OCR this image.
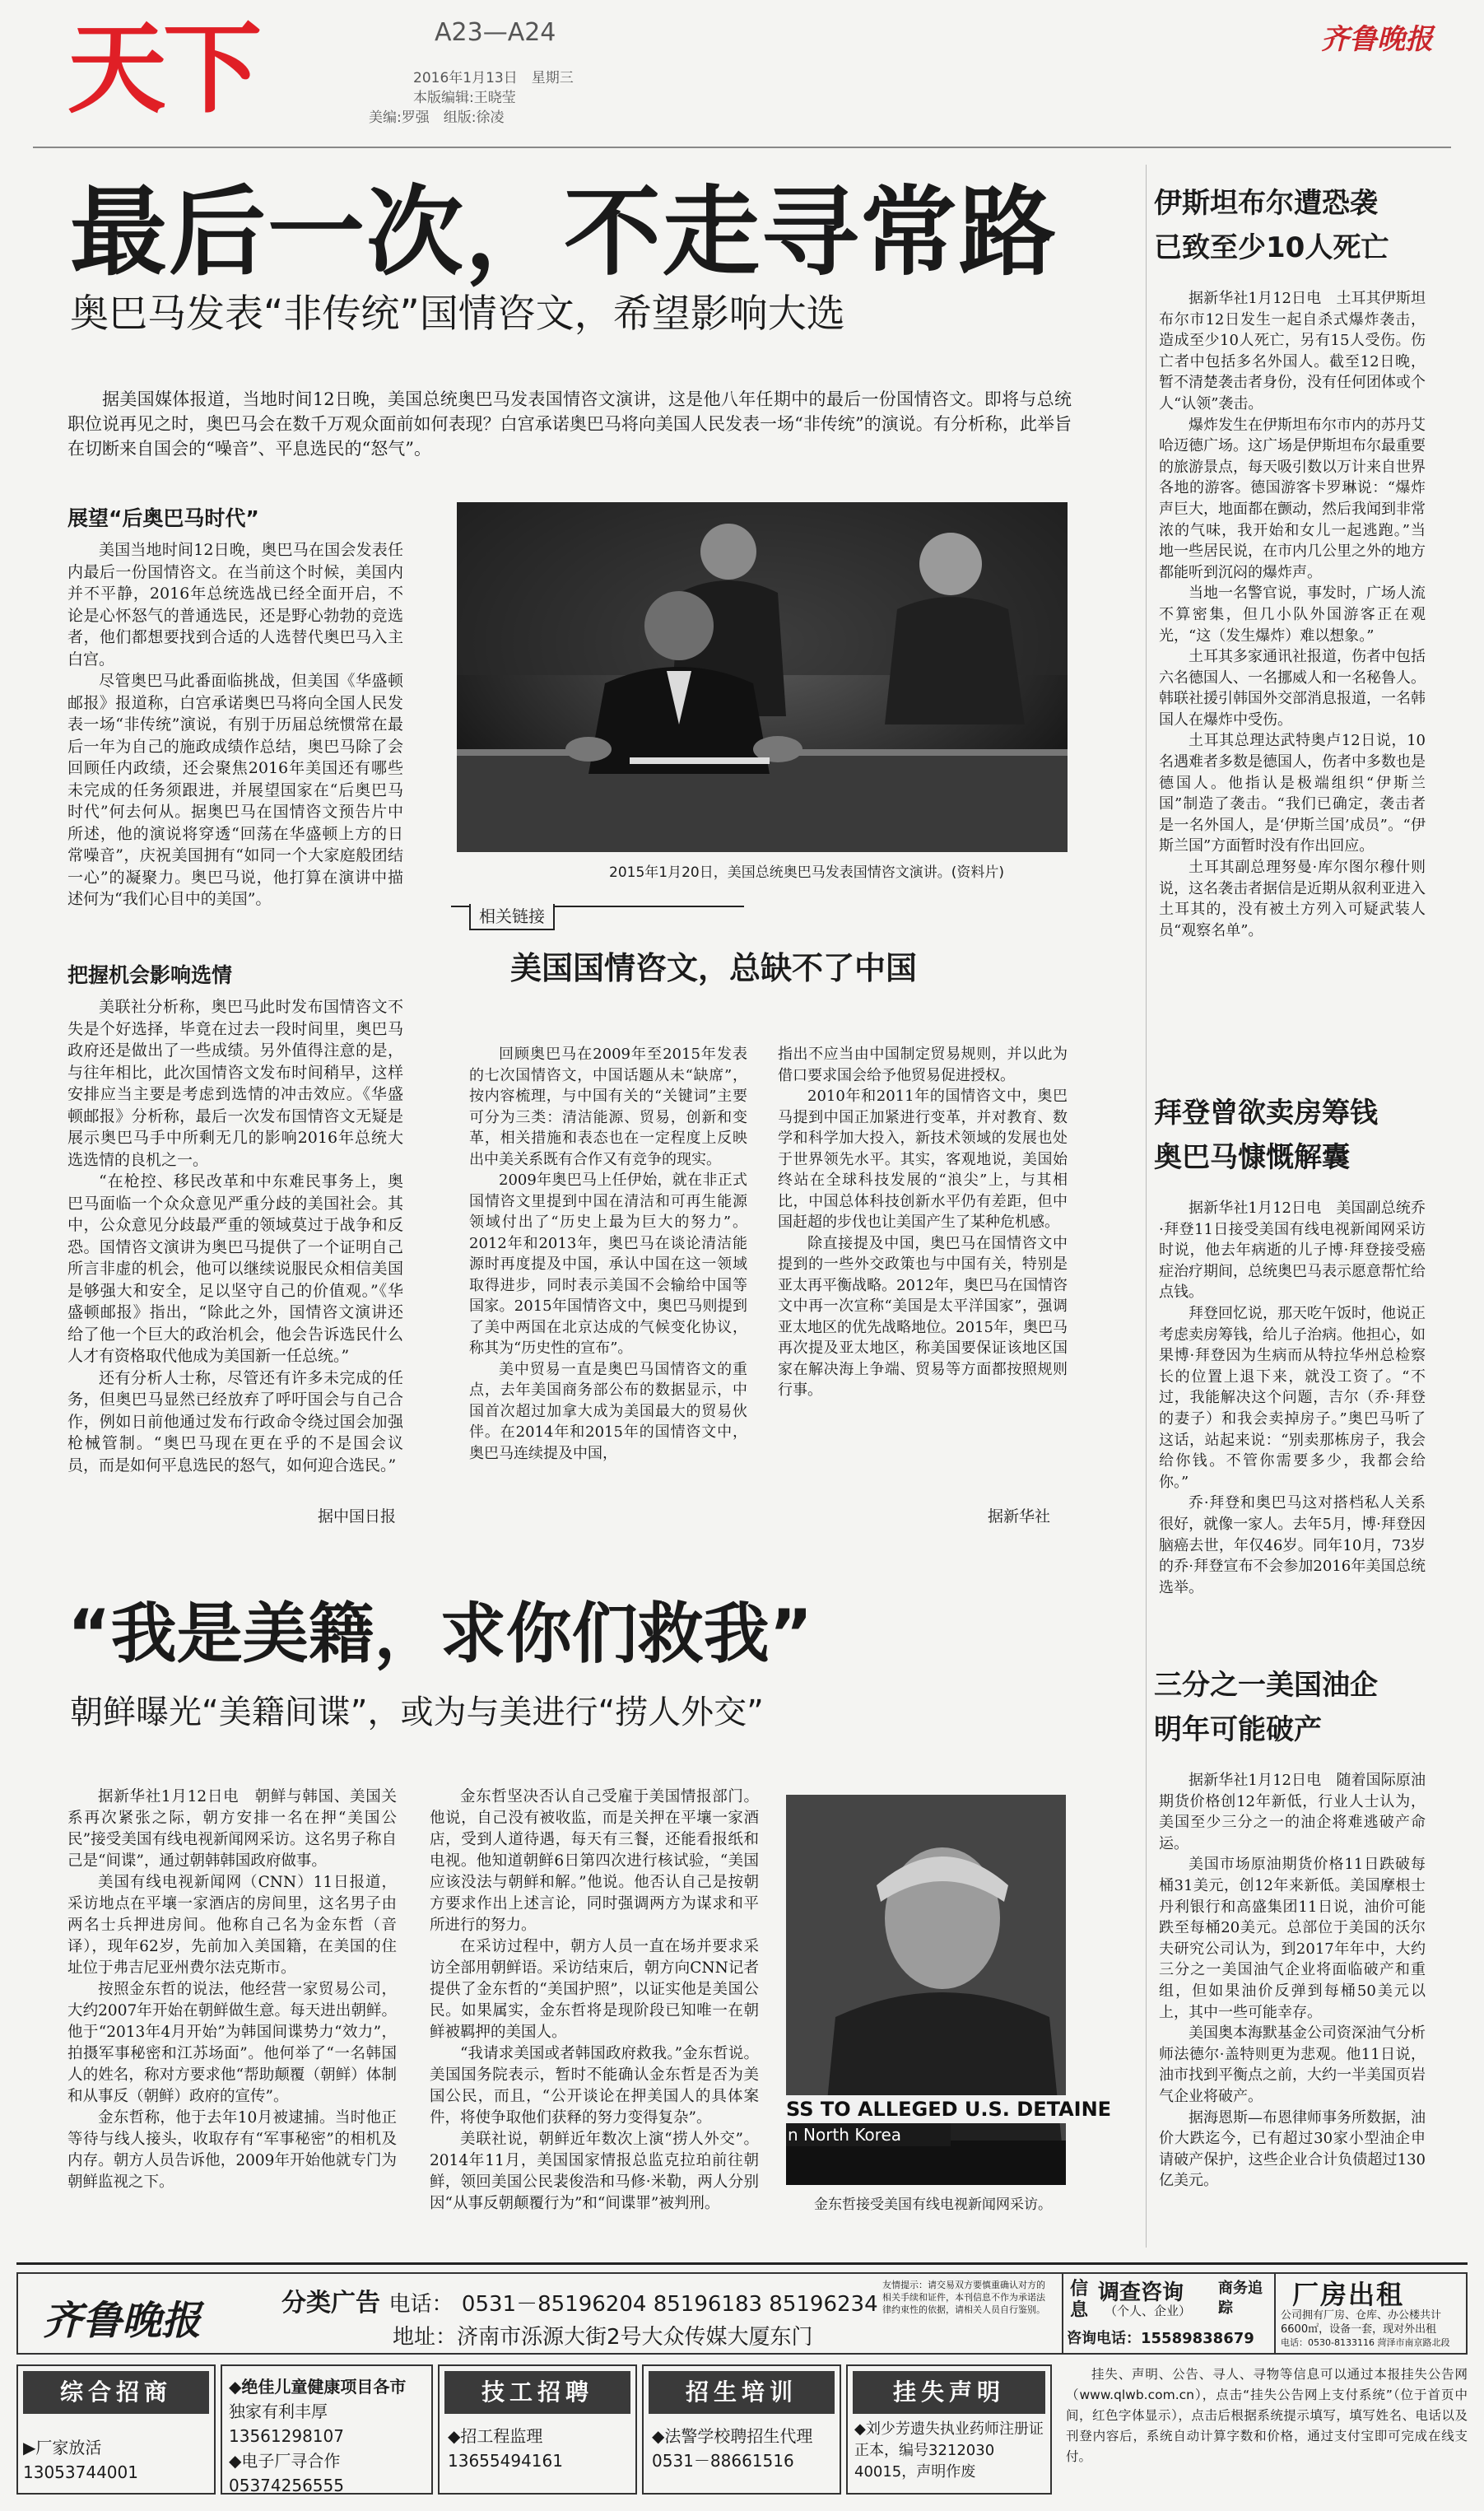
天下	A23—A24
2016年1月13日　星期三
本版编辑:王晓莹
美编:罗强　组版:徐凌
齐鲁晚报
最后一次，不走寻常路
奥巴马发表“非传统”国情咨文，希望影响大选
据美国媒体报道，当地时间12日晚，美国总统奥巴马发表国情咨文演讲，这是他八年任期中的最后一份国情咨文。即将与总统职位说再见之时，奥巴马会在数千万观众面前如何表现？白宫承诺奥巴马将向美国人民发表一场“非传统”的演说。有分析称，此举旨在切断来自国会的“噪音”、平息选民的“怒气”。
展望“后奥巴马时代”

美国当地时间12日晚，奥巴马在国会发表任内最后一份国情咨文。在当前这个时候，美国内并不平静，2016年总统选战已经全面开启，不论是心怀怒气的普通选民，还是野心勃勃的竞选者，他们都想要找到合适的人选替代奥巴马入主白宫。

尽管奥巴马此番面临挑战，但美国《华盛顿邮报》报道称，白宫承诺奥巴马将向全国人民发表一场“非传统”演说，有别于历届总统惯常在最后一年为自己的施政成绩作总结，奥巴马除了会回顾任内政绩，还会聚焦2016年美国还有哪些未完成的任务须跟进，并展望国家在“后奥巴马时代”何去何从。据奥巴马在国情咨文预告片中所述，他的演说将穿透“回荡在华盛顿上方的日常噪音”，庆祝美国拥有“如同一个大家庭般团结一心”的凝聚力。奥巴马说，他打算在演讲中描述何为“我们心目中的美国”。

把握机会影响选情

美联社分析称，奥巴马此时发布国情咨文不失是个好选择，毕竟在过去一段时间里，奥巴马政府还是做出了一些成绩。另外值得注意的是，与往年相比，此次国情咨文发布时间稍早，这样安排应当主要是考虑到选情的冲击效应。《华盛顿邮报》分析称，最后一次发布国情咨文无疑是展示奥巴马手中所剩无几的影响2016年总统大选选情的良机之一。

“在枪控、移民改革和中东难民事务上，奥巴马面临一个众众意见严重分歧的美国社会。其中，公众意见分歧最严重的领域莫过于战争和反恐。国情咨文演讲为奥巴马提供了一个证明自己所言非虚的机会，他可以继续说服民众相信美国是够强大和安全，足以坚守自己的价值观。”《华盛顿邮报》指出，“除此之外，国情咨文演讲还给了他一个巨大的政治机会，他会告诉选民什么人才有资格取代他成为美国新一任总统。”

还有分析人士称，尽管还有许多未完成的任务，但奥巴马显然已经放弃了呼吁国会与自己合作，例如日前他通过发布行政命令绕过国会加强枪械管制。“奥巴马现在更在乎的不是国会议员，而是如何平息选民的怒气，如何迎合选民。”

据中国日报
2015年1月20日，美国总统奥巴马发表国情咨文演讲。(资料片)
相关链接
美国国情咨文，总缺不了中国

回顾奥巴马在2009年至2015年发表的七次国情咨文，中国话题从未“缺席”，按内容梳理，与中国有关的“关键词”主要可分为三类：清洁能源、贸易，创新和变革，相关措施和表态也在一定程度上反映出中美关系既有合作又有竞争的现实。

2009年奥巴马上任伊始，就在非正式国情咨文里提到中国在清洁和可再生能源领域付出了“历史上最为巨大的努力”。2012年和2013年，奥巴马在谈论清洁能源时再度提及中国，承认中国在这一领域取得进步，同时表示美国不会输给中国等国家。2015年国情咨文中，奥巴马则提到了美中两国在北京达成的气候变化协议，称其为“历史性的宣布”。

美中贸易一直是奥巴马国情咨文的重点，去年美国商务部公布的数据显示，中国首次超过加拿大成为美国最大的贸易伙伴。在2014年和2015年的国情咨文中，奥巴马连续提及中国，

指出不应当由中国制定贸易规则，并以此为借口要求国会给予他贸易促进授权。

2010年和2011年的国情咨文中，奥巴马提到中国正加紧进行变革，并对教育、数学和科学加大投入，新技术领域的发展也处于世界领先水平。其实，客观地说，美国始终站在全球科技发展的“浪尖”上，与其相比，中国总体科技创新水平仍有差距，但中国赶超的步伐也让美国产生了某种危机感。

除直接提及中国，奥巴马在国情咨文中提到的一些外交政策也与中国有关，特别是亚太再平衡战略。2012年，奥巴马在国情咨文中再一次宣称“美国是太平洋国家”，强调亚太地区的优先战略地位。2015年，奥巴马再次提及亚太地区，称美国要保证该地区国家在解决海上争端、贸易等方面都按照规则行事。

据新华社
“我是美籍，求你们救我”
朝鲜曝光“美籍间谍”，或为与美进行“捞人外交”

据新华社1月12日电　朝鲜与韩国、美国关系再次紧张之际，朝方安排一名在押“美国公民”接受美国有线电视新闻网采访。这名男子称自己是“间谍”，通过朝韩韩国政府做事。

美国有线电视新闻网（CNN）11日报道，采访地点在平壤一家酒店的房间里，这名男子由两名士兵押进房间。他称自己名为金东哲（音译），现年62岁，先前加入美国籍，在美国的住址位于弗吉尼亚州费尔法克斯市。

按照金东哲的说法，他经营一家贸易公司，大约2007年开始在朝鲜做生意。每天进出朝鲜。他于“2013年4月开始”为韩国间谍势力“效力”，拍摄军事秘密和江苏场面”。他何举了“一名韩国人的姓名，称对方要求他“帮助颠覆（朝鲜）体制和从事反（朝鲜）政府的宣传”。

金东哲称，他于去年10月被逮捕。当时他正等待与线人接头，收取存有“军事秘密”的相机及内存。朝方人员告诉他，2009年开始他就专门为朝鲜监视之下。

金东哲坚决否认自己受雇于美国情报部门。他说，自己没有被收监，而是关押在平壤一家酒店，受到人道待遇，每天有三餐，还能看报纸和电视。他知道朝鲜6日第四次进行核试验，“美国应该没法与朝鲜和解。”他说。他否认自己是按朝方要求作出上述言论，同时强调两方为谋求和平所进行的努力。

在采访过程中，朝方人员一直在场并要求采访全部用朝鲜语。采访结束后，朝方向CNN记者提供了金东哲的“美国护照”，以证实他是美国公民。如果属实，金东哲将是现阶段已知唯一在朝鲜被羁押的美国人。

“我请求美国或者韩国政府救我。”金东哲说。美国国务院表示，暂时不能确认金东哲是否为美国公民，而且，“公开谈论在押美国人的具体案件，将使争取他们获释的努力变得复杂”。

美联社说，朝鲜近年数次上演“捞人外交”。2014年11月，美国国家情报总监克拉珀前往朝鲜，领回美国公民裴俊浩和马修·米勒，两人分别因“从事反朝颠覆行为”和“间谍罪”被判刑。

SS TO ALLEGED U.S. DETAINE
n North Korea
金东哲接受美国有线电视新闻网采访。
伊斯坦布尔遭恐袭
已致至少10人死亡

据新华社1月12日电　土耳其伊斯坦布尔市12日发生一起自杀式爆炸袭击，造成至少10人死亡，另有15人受伤。伤亡者中包括多名外国人。截至12日晚，暂不清楚袭击者身份，没有任何团体或个人“认领”袭击。

爆炸发生在伊斯坦布尔市内的苏丹艾哈迈德广场。这广场是伊斯坦布尔最重要的旅游景点，每天吸引数以万计来自世界各地的游客。德国游客卡罗琳说：“爆炸声巨大，地面都在颤动，然后我闻到非常浓的气味，我开始和女儿一起逃跑。”当地一些居民说，在市内几公里之外的地方都能听到沉闷的爆炸声。

当地一名警官说，事发时，广场人流不算密集，但几小队外国游客正在观光，“这（发生爆炸）难以想象。”

土耳其多家通讯社报道，伤者中包括六名德国人、一名挪威人和一名秘鲁人。韩联社援引韩国外交部消息报道，一名韩国人在爆炸中受伤。

土耳其总理达武特奥卢12日说，10名遇难者多数是德国人，伤者中多数也是德国人。他指认是极端组织“伊斯兰国”制造了袭击。“我们已确定，袭击者是一名外国人，是‘伊斯兰国’成员”。“伊斯兰国”方面暂时没有作出回应。

土耳其副总理努曼·库尔图尔穆什则说，这名袭击者据信是近期从叙利亚进入土耳其的，没有被土方列入可疑武装人员“观察名单”。

拜登曾欲卖房筹钱
奥巴马慷慨解囊

据新华社1月12日电　美国副总统乔·拜登11日接受美国有线电视新闻网采访时说，他去年病逝的儿子博·拜登接受癌症治疗期间，总统奥巴马表示愿意帮忙给点钱。

拜登回忆说，那天吃午饭时，他说正考虑卖房筹钱，给儿子治病。他担心，如果博·拜登因为生病而从特拉华州总检察长的位置上退下来，就没工资了。“不过，我能解决这个问题，吉尔（乔·拜登的妻子）和我会卖掉房子。”奥巴马听了这话，站起来说：“别卖那栋房子，我会给你钱。不管你需要多少，我都会给你。”

乔·拜登和奥巴马这对搭档私人关系很好，就像一家人。去年5月，博·拜登因脑癌去世，年仅46岁。同年10月，73岁的乔·拜登宣布不会参加2016年美国总统选举。

三分之一美国油企
明年可能破产

据新华社1月12日电　随着国际原油期货价格创12年新低，行业人士认为，美国至少三分之一的油企将难逃破产命运。

美国市场原油期货价格11日跌破每桶31美元，创12年来新低。美国摩根士丹利银行和高盛集团11日说，油价可能跌至每桶20美元。总部位于美国的沃尔夫研究公司认为，到2017年年中，大约三分之一美国油气企业将面临破产和重组，但如果油价反弹到每桶50美元以上，其中一些可能幸存。

美国奥本海默基金公司资深油气分析师法德尔·盖特则更为悲观。他11日说，油市找到平衡点之前，大约一半美国页岩气企业将破产。

据海恩斯—布恩律师事务所数据，油价大跌迄今，已有超过30家小型油企申请破产保护，这些企业合计负债超过130亿美元。

齐鲁晚报	分类广告 电话： 0531－85196204 85196183 85196234
地址：济南市泺源大街2号大众传媒大厦东门
友情提示：请交易双方要慎重确认对方的相关手续和证件，本刊信息不作为承诺法律约束性的依据，请相关人员自行鉴别。
信息
调查咨询
（个人、企业）
商务追踪
咨询电话：15589838679
厂房出租
公司拥有厂房、仓库、办公楼共计6600㎡，设备一套，现对外出租
电话：0530-8133116 菏泽市南京路北段
综合招商
▶厂家放活13053744001
◆绝佳儿童健康项目各市
独家有利丰厚13561298107
◆电子厂寻合作
05374256555
技工招聘
◆招工程监理
13655494161
招生培训
◆法警学校聘招生代理
0531－88661516
挂失声明
◆刘少芳遗失执业药师注册证正本，编号3212030 40015，声明作废
挂失、声明、公告、寻人、寻物等信息可以通过本报挂失公告网（www.qlwb.com.cn），点击“挂失公告网上支付系统”（位于首页中间，红色字体显示），点击后根据系统提示填写，填写姓名、电话以及刊登内容后，系统自动计算字数和价格，通过支付宝即可完成在线支付。
